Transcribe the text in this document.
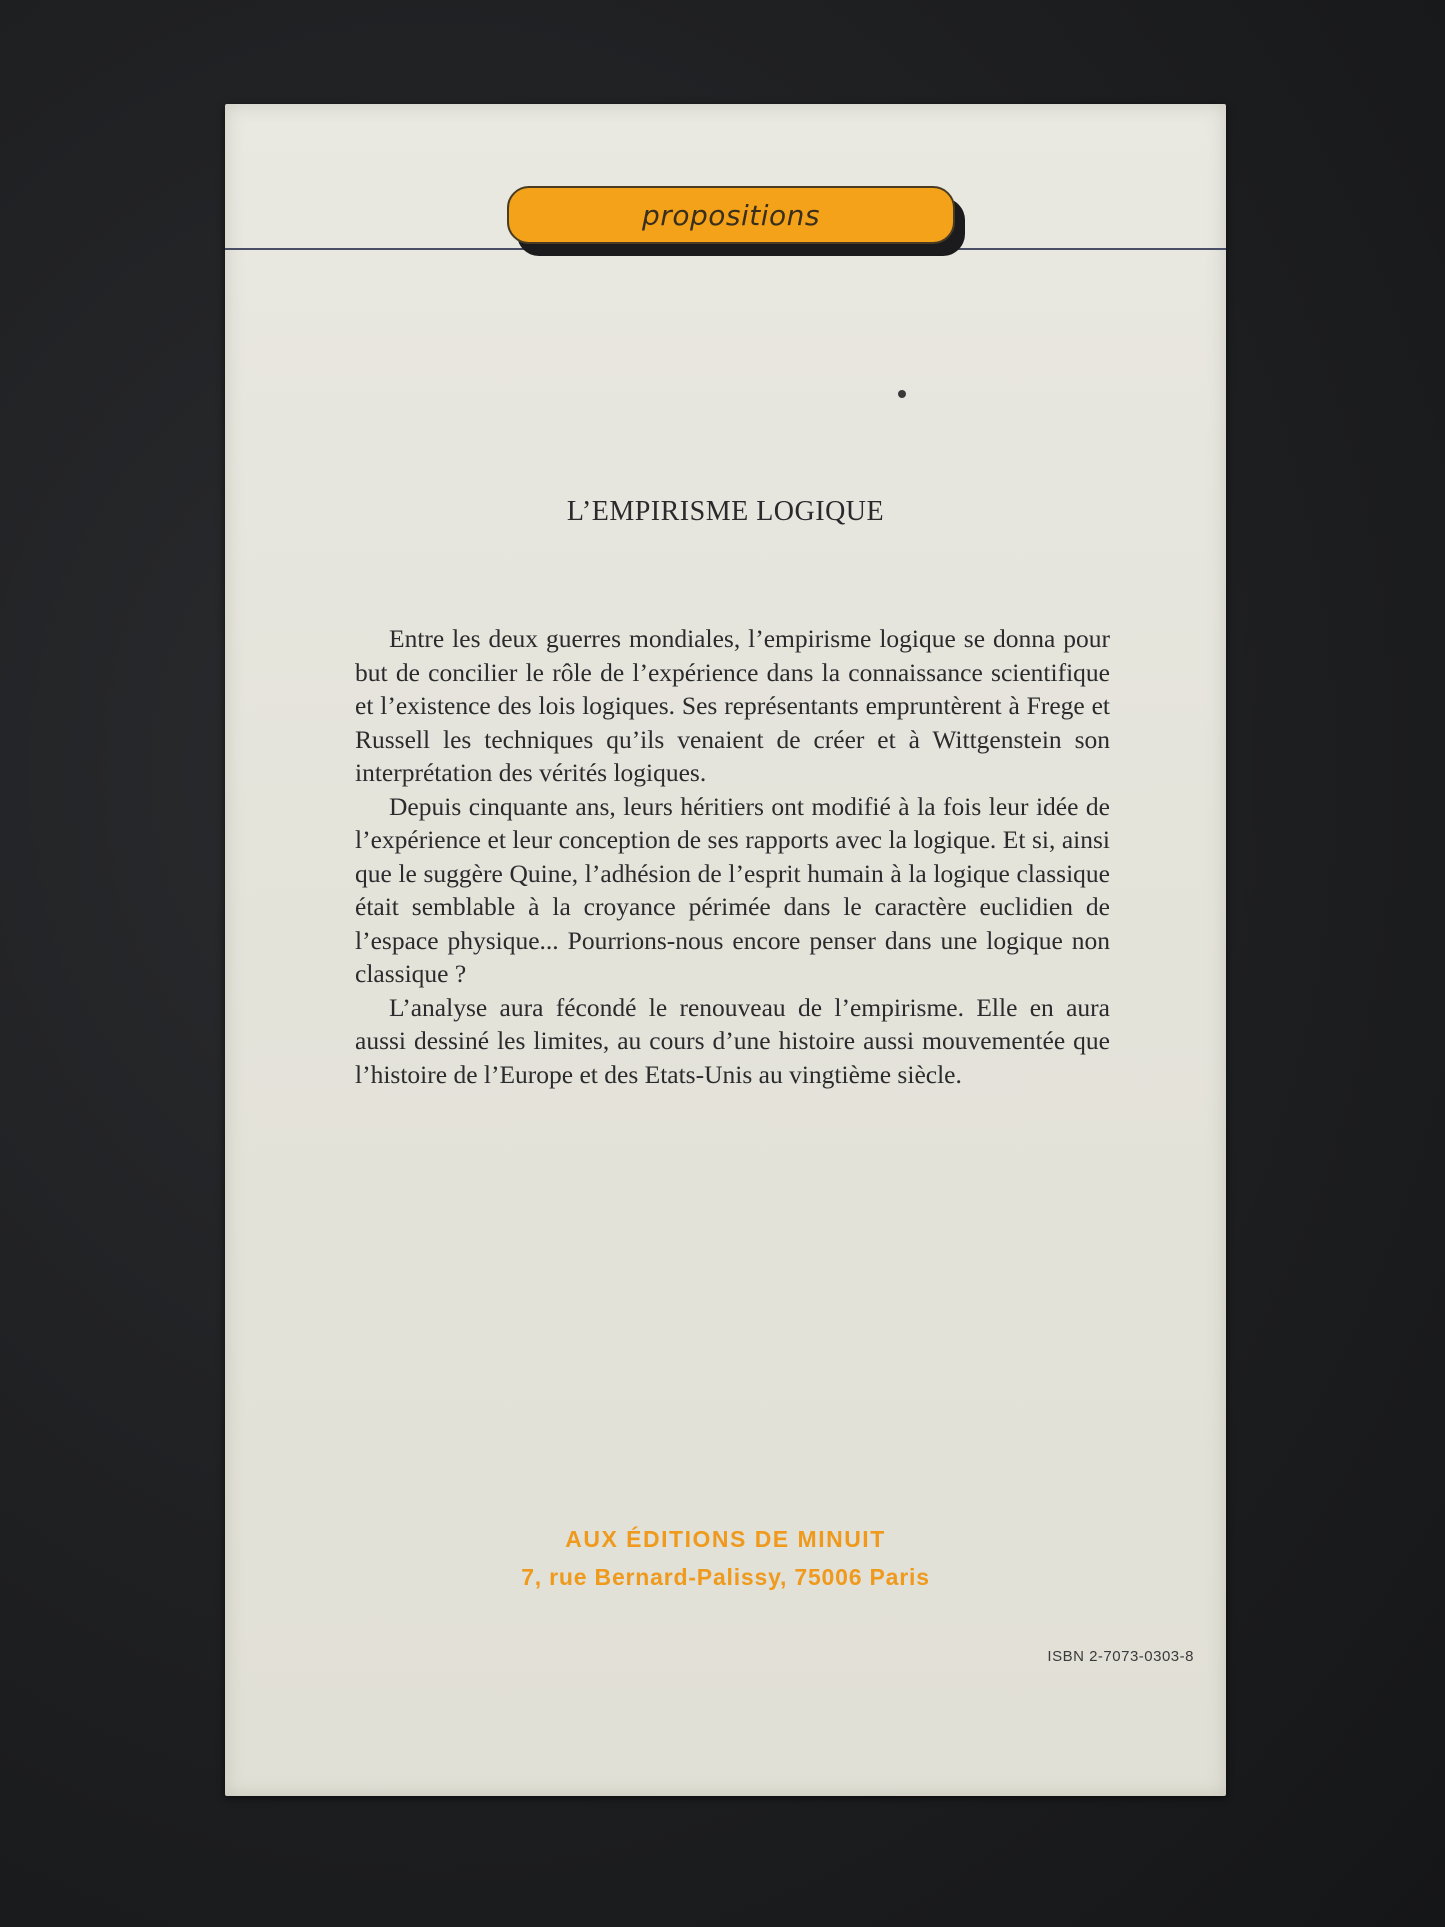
propositions
L’EMPIRISME LOGIQUE

Entre les deux guerres mondiales, l’empirisme logique se donna pour but de concilier le rôle de l’expérience dans la connaissance scientifique et l’existence des lois logiques. Ses représentants empruntèrent à Frege et Russell les techniques qu’ils venaient de créer et à Wittgenstein son interprétation des vérités logiques.

Depuis cinquante ans, leurs héritiers ont modifié à la fois leur idée de l’expérience et leur conception de ses rapports avec la logique. Et si, ainsi que le suggère Quine, l’adhésion de l’esprit humain à la logique classique était semblable à la croyance périmée dans le caractère euclidien de l’espace physique... Pourrions-nous encore penser dans une logique non classique ?

L’analyse aura fécondé le renouveau de l’empirisme. Elle en aura aussi dessiné les limites, au cours d’une histoire aussi mouvementée que l’histoire de l’Europe et des Etats-Unis au vingtième siècle.

AUX ÉDITIONS DE MINUIT
7, rue Bernard-Palissy, 75006 Paris
ISBN 2-7073-0303-8
